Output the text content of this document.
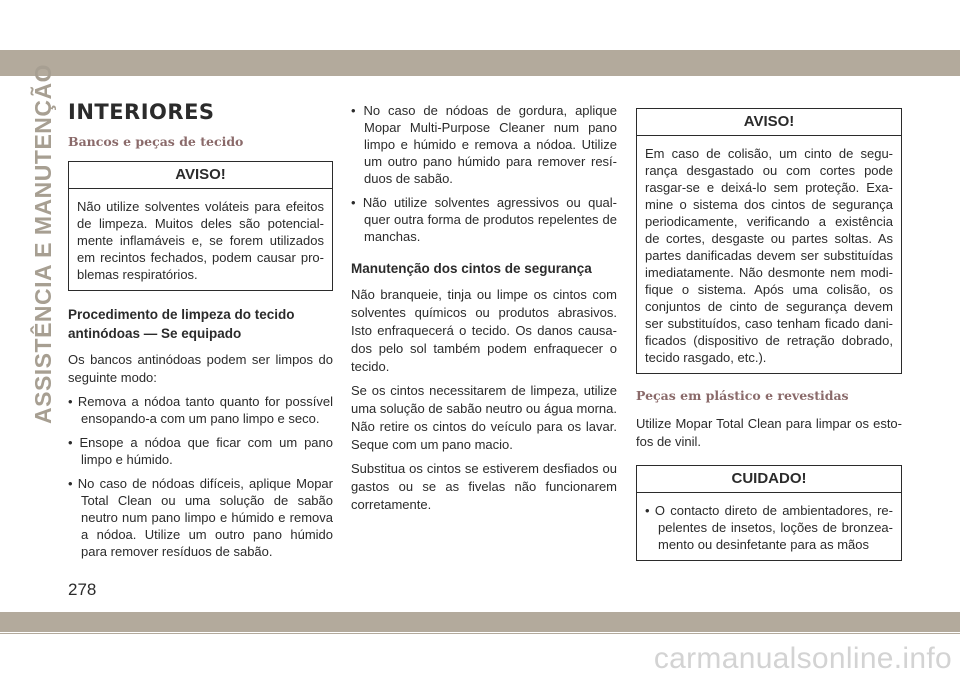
ASSISTÊNCIA E MANUTENÇÃO INTERIORES
Bancos e peças de tecido
AVISO!
Não utilize solventes voláteis para efeitos de limpeza. Muitos deles são potencial-mente inflamáveis e, se forem utilizados em recintos fechados, podem causar pro-blemas respiratórios.
Procedimento de limpeza do tecido antinódoas — Se equipado

Os bancos antinódoas podem ser limpos do seguinte modo:

• Remova a nódoa tanto quanto for possível ensopando-a com um pano limpo e seco.
• Ensope a nódoa que ficar com um pano limpo e húmido.
• No caso de nódoas difíceis, aplique Mopar Total Clean ou uma solução de sabão neutro num pano limpo e húmido e remova a nódoa. Utilize um outro pano húmido para remover resíduos de sabão.
• No caso de nódoas de gordura, aplique Mopar Multi-Purpose Cleaner num pano limpo e húmido e remova a nódoa. Utilize um outro pano húmido para remover resí-duos de sabão.
• Não utilize solventes agressivos ou qual-quer outra forma de produtos repelentes de manchas.
Manutenção dos cintos de segurança

Não branqueie, tinja ou limpe os cintos com solventes químicos ou produtos abrasivos. Isto enfraquecerá o tecido. Os danos causa-dos pelo sol também podem enfraquecer o tecido.

Se os cintos necessitarem de limpeza, utilize uma solução de sabão neutro ou água morna. Não retire os cintos do veículo para os lavar. Seque com um pano macio.

Substitua os cintos se estiverem desfiados ou gastos ou se as fivelas não funcionarem corretamente.

AVISO!
Em caso de colisão, um cinto de segu-rança desgastado ou com cortes pode rasgar-se e deixá-lo sem proteção. Exa-mine o sistema dos cintos de segurança periodicamente, verificando a existência de cortes, desgaste ou partes soltas. As partes danificadas devem ser substituídas imediatamente. Não desmonte nem modi-fique o sistema. Após uma colisão, os conjuntos de cinto de segurança devem ser substituídos, caso tenham ficado dani-ficados (dispositivo de retração dobrado, tecido rasgado, etc.).
Peças em plástico e revestidas

Utilize Mopar Total Clean para limpar os esto-fos de vinil.

CUIDADO!
• O contacto direto de ambientadores, re-pelentes de insetos, loções de bronzea-mento ou desinfetante para as mãos
278
carmanualsonline.info
